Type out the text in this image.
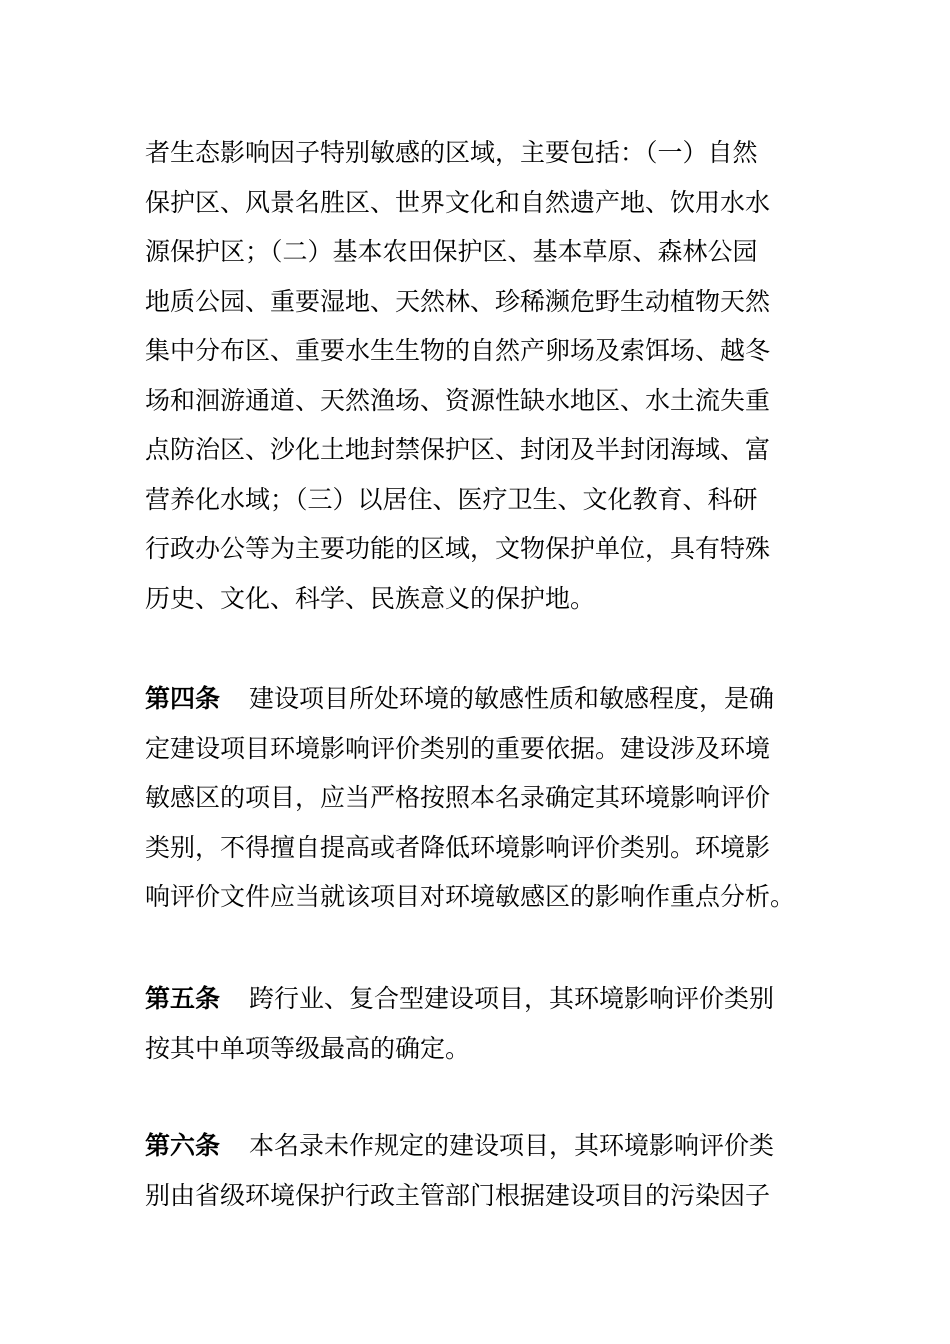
者生态影响因子特别敏感的区域，主要包括：（一）自然
保护区、风景名胜区、世界文化和自然遗产地、饮用水水
源保护区；（二）基本农田保护区、基本草原、森林公园
地质公园、重要湿地、天然林、珍稀濒危野生动植物天然
集中分布区、重要水生生物的自然产卵场及索饵场、越冬
场和洄游通道、天然渔场、资源性缺水地区、水土流失重
点防治区、沙化土地封禁保护区、封闭及半封闭海域、富
营养化水域；（三）以居住、医疗卫生、文化教育、科研
行政办公等为主要功能的区域，文物保护单位，具有特殊
历史、文化、科学、民族意义的保护地。
第四条 建设项目所处环境的敏感性质和敏感程度，是确
定建设项目环境影响评价类别的重要依据。建设涉及环境
敏感区的项目，应当严格按照本名录确定其环境影响评价
类别，不得擅自提高或者降低环境影响评价类别。环境影
响评价文件应当就该项目对环境敏感区的影响作重点分析。
第五条 跨行业、复合型建设项目，其环境影响评价类别
按其中单项等级最高的确定。
第六条 本名录未作规定的建设项目，其环境影响评价类
别由省级环境保护行政主管部门根据建设项目的污染因子
